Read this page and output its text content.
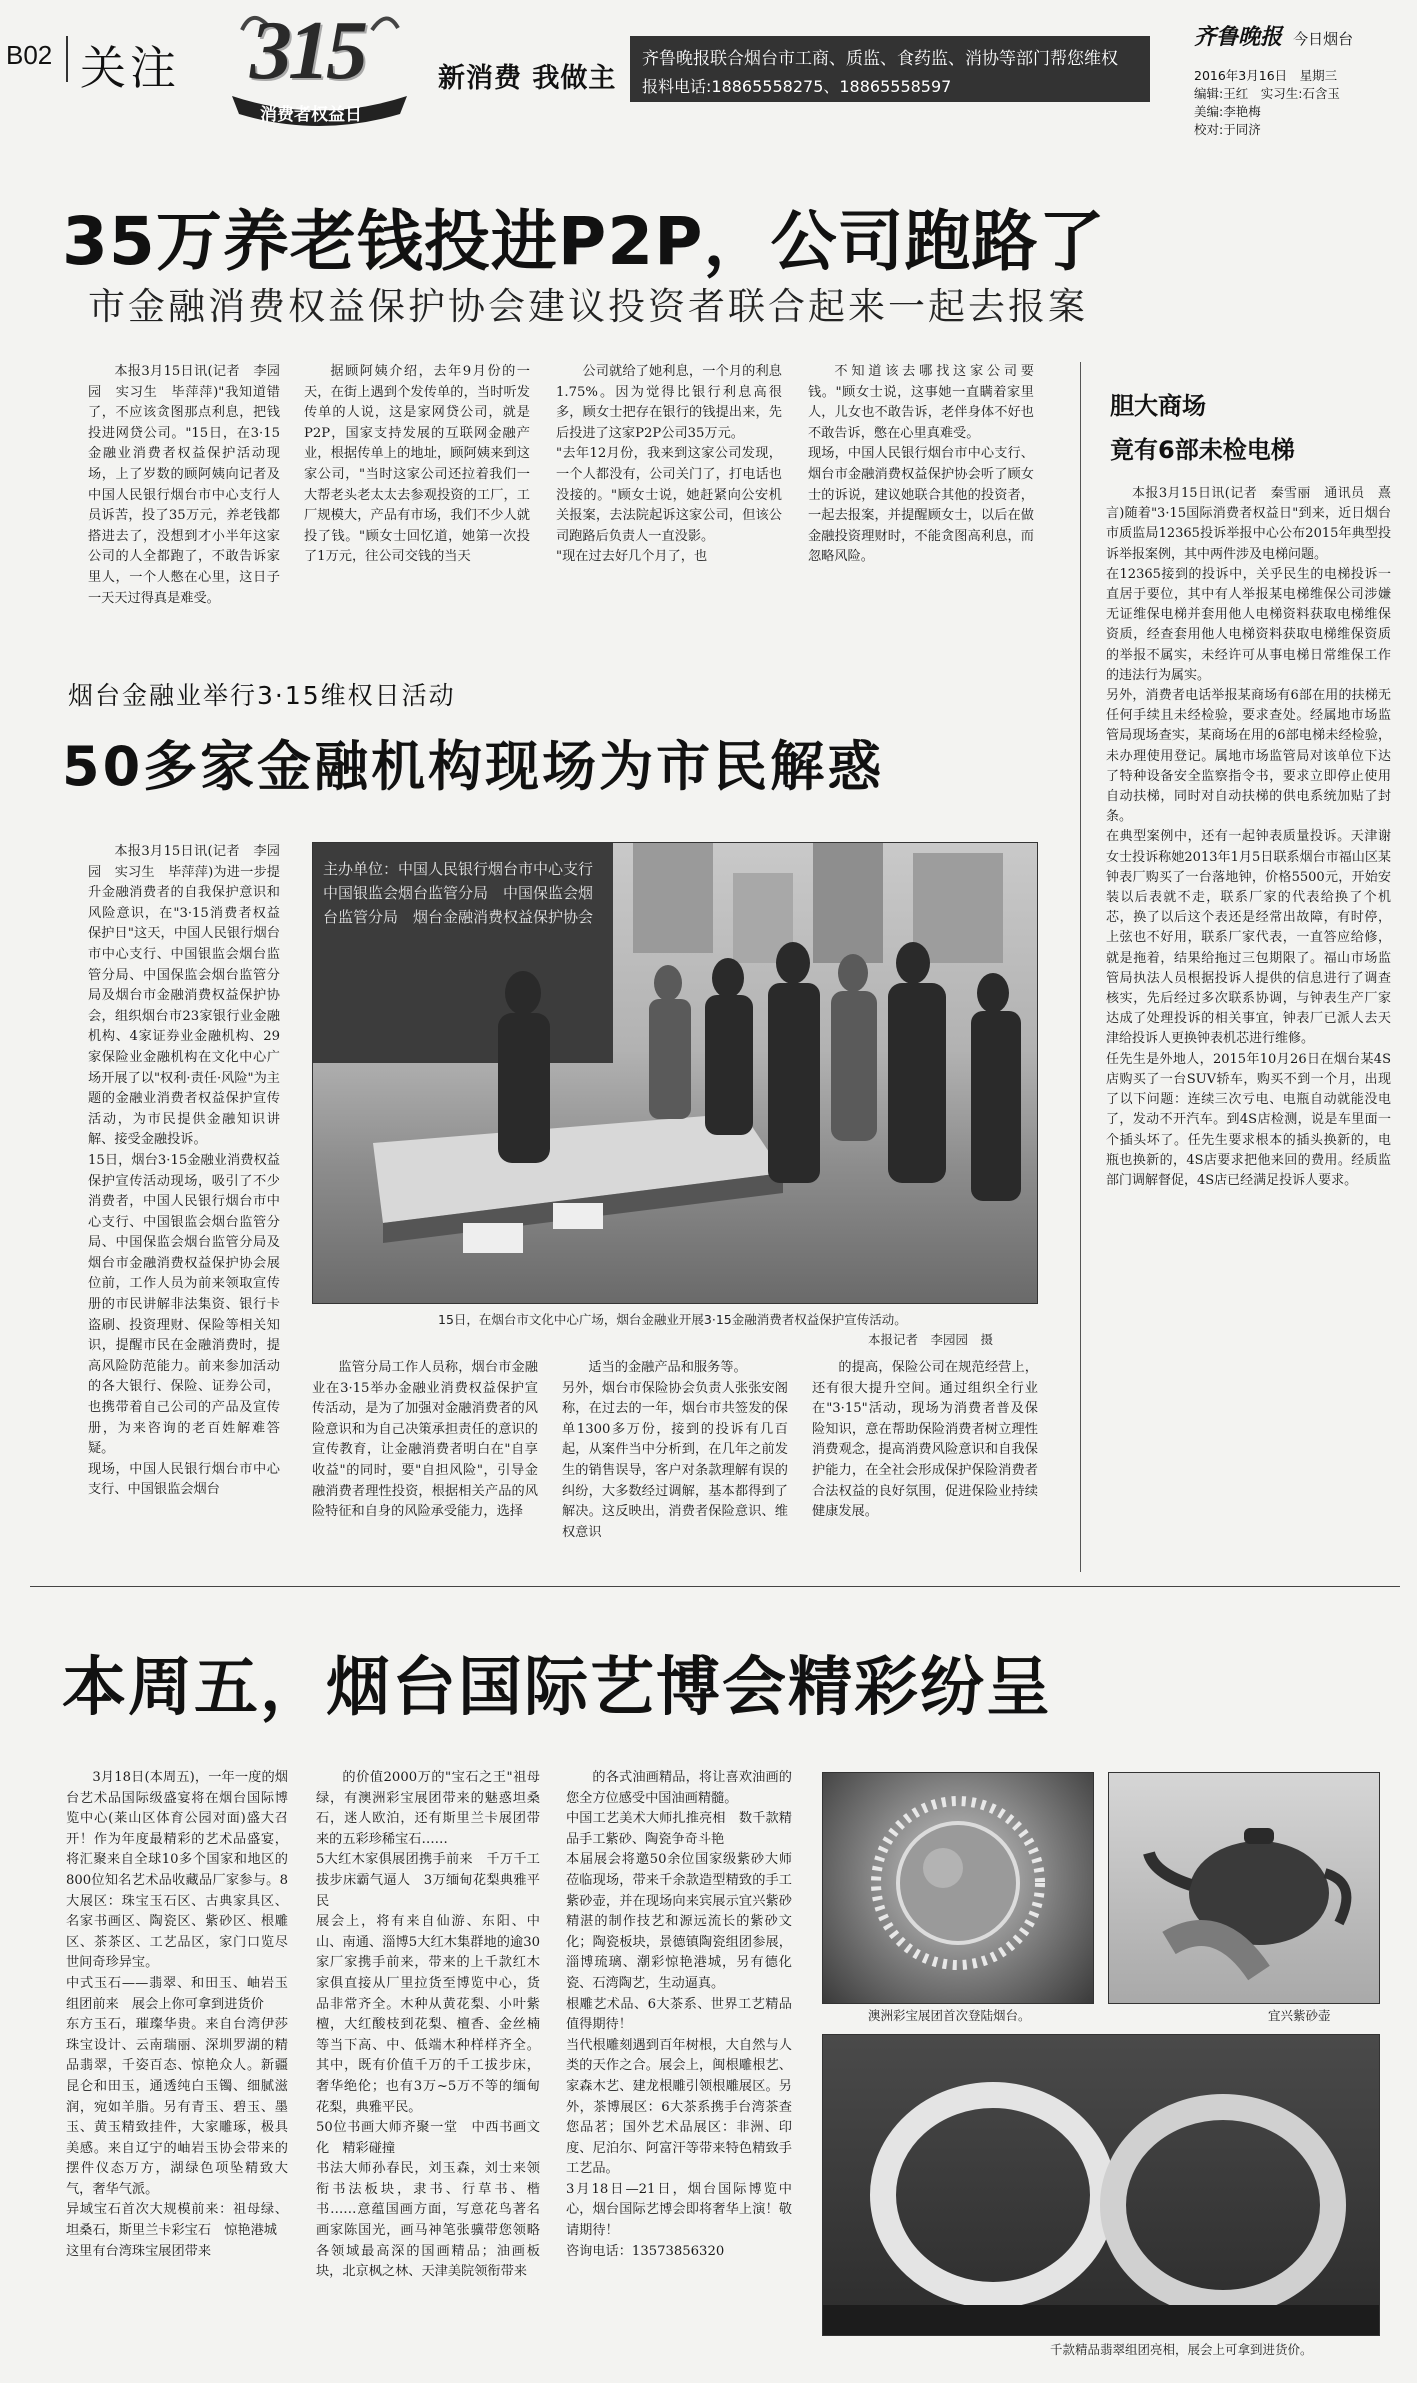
B02 关注 315
消费者权益日
新消费 我做主
齐鲁晚报联合烟台市工商、质监、食药监、消协等部门帮您维权
报料电话:18865558275、18865558597
齐鲁晚报 今日烟台
2016年3月16日　星期三
编辑:王红　实习生:石含玉
美编:李艳梅
校对:于同济
35万养老钱投进P2P，公司跑路了
市金融消费权益保护协会建议投资者联合起来一起去报案

本报3月15日讯(记者　李园园　实习生　毕萍萍)"我知道错了，不应该贪图那点利息，把钱投进网贷公司。"15日，在3·15金融业消费者权益保护活动现场，上了岁数的顾阿姨向记者及中国人民银行烟台市中心支行人员诉苦，投了35万元，养老钱都搭进去了，没想到才小半年这家公司的人全都跑了，不敢告诉家里人，一个人憋在心里，这日子一天天过得真是难受。

据顾阿姨介绍，去年9月份的一天，在街上遇到个发传单的，当时听发传单的人说，这是家网贷公司，就是P2P，国家支持发展的互联网金融产业，根据传单上的地址，顾阿姨来到这家公司，"当时这家公司还拉着我们一大帮老头老太太去参观投资的工厂，工厂规模大，产品有市场，我们不少人就投了钱。"顾女士回忆道，她第一次投了1万元，往公司交钱的当天

公司就给了她利息，一个月的利息1.75%。因为觉得比银行利息高很多，顾女士把存在银行的钱提出来，先后投进了这家P2P公司35万元。
"去年12月份，我来到这家公司发现，一个人都没有，公司关门了，打电话也没接的。"顾女士说，她赶紧向公安机关报案，去法院起诉这家公司，但该公司跑路后负责人一直没影。
"现在过去好几个月了，也

不知道该去哪找这家公司要钱。"顾女士说，这事她一直瞒着家里人，儿女也不敢告诉，老伴身体不好也不敢告诉，憋在心里真难受。
现场，中国人民银行烟台市中心支行、烟台市金融消费权益保护协会听了顾女士的诉说，建议她联合其他的投资者，一起去报案，并提醒顾女士，以后在做金融投资理财时，不能贪图高利息，而忽略风险。

胆大商场
竟有6部未检电梯

本报3月15日讯(记者　秦雪丽　通讯员　熹言)随着"3·15国际消费者权益日"到来，近日烟台市质监局12365投诉举报中心公布2015年典型投诉举报案例，其中两件涉及电梯问题。
在12365接到的投诉中，关乎民生的电梯投诉一直居于要位，其中有人举报某电梯维保公司涉嫌无证维保电梯并套用他人电梯资料获取电梯维保资质，经查套用他人电梯资料获取电梯维保资质的举报不属实，未经许可从事电梯日常维保工作的违法行为属实。
另外，消费者电话举报某商场有6部在用的扶梯无任何手续且未经检验，要求查处。经属地市场监管局现场查实，某商场在用的6部电梯未经检验，未办理使用登记。属地市场监管局对该单位下达了特种设备安全监察指令书，要求立即停止使用自动扶梯，同时对自动扶梯的供电系统加贴了封条。
在典型案例中，还有一起钟表质量投诉。天津谢女士投诉称她2013年1月5日联系烟台市福山区某钟表厂购买了一台落地钟，价格5500元，开始安装以后表就不走，联系厂家的代表给换了个机芯，换了以后这个表还是经常出故障，有时停，上弦也不好用，联系厂家代表，一直答应给修，就是拖着，结果给拖过三包期限了。福山市场监管局执法人员根据投诉人提供的信息进行了调查核实，先后经过多次联系协调，与钟表生产厂家达成了处理投诉的相关事宜，钟表厂已派人去天津给投诉人更换钟表机芯进行维修。
任先生是外地人，2015年10月26日在烟台某4S店购买了一台SUV轿车，购买不到一个月，出现了以下问题：连续三次亏电、电瓶自动就能没电了，发动不开汽车。到4S店检测，说是车里面一个插头坏了。任先生要求根本的插头换新的，电瓶也换新的，4S店要求把他来回的费用。经质监部门调解督促，4S店已经满足投诉人要求。

烟台金融业举行3·15维权日活动
50多家金融机构现场为市民解惑

本报3月15日讯(记者　李园园　实习生　毕萍萍)为进一步提升金融消费者的自我保护意识和风险意识，在"3·15消费者权益保护日"这天，中国人民银行烟台市中心支行、中国银监会烟台监管分局、中国保监会烟台监管分局及烟台市金融消费权益保护协会，组织烟台市23家银行业金融机构、4家证券业金融机构、29家保险业金融机构在文化中心广场开展了以"权利·责任·风险"为主题的金融业消费者权益保护宣传活动，为市民提供金融知识讲解、接受金融投诉。
15日，烟台3·15金融业消费权益保护宣传活动现场，吸引了不少消费者，中国人民银行烟台市中心支行、中国银监会烟台监管分局、中国保监会烟台监管分局及烟台市金融消费权益保护协会展位前，工作人员为前来领取宣传册的市民讲解非法集资、银行卡盗刷、投资理财、保险等相关知识，提醒市民在金融消费时，提高风险防范能力。前来参加活动的各大银行、保险、证券公司，也携带着自己公司的产品及宣传册，为来咨询的老百姓解难答疑。
现场，中国人民银行烟台市中心支行、中国银监会烟台

主办单位：中国人民银行烟台市中心支行　中国银监会烟台监管分局　中国保监会烟台监管分局　烟台金融消费权益保护协会
15日，在烟台市文化中心广场，烟台金融业开展3·15金融消费者权益保护宣传活动。
本报记者　李园园　摄

监管分局工作人员称，烟台市金融业在3·15举办金融业消费权益保护宣传活动，是为了加强对金融消费者的风险意识和为自己决策承担责任的意识的宣传教育，让金融消费者明白在"自享收益"的同时，要"自担风险"，引导金融消费者理性投资，根据相关产品的风险特征和自身的风险承受能力，选择

适当的金融产品和服务等。
另外，烟台市保险协会负责人张张安阁称，在过去的一年，烟台市共签发的保单1300多万份，接到的投诉有几百起，从案件当中分析到，在几年之前发生的销售误导，客户对条款理解有误的纠纷，大多数经过调解，基本都得到了解决。这反映出，消费者保险意识、维权意识

的提高，保险公司在规范经营上，还有很大提升空间。通过组织全行业在"3·15"活动，现场为消费者普及保险知识，意在帮助保险消费者树立理性消费观念，提高消费风险意识和自我保护能力，在全社会形成保护保险消费者合法权益的良好氛围，促进保险业持续健康发展。

本周五，烟台国际艺博会精彩纷呈

3月18日(本周五)，一年一度的烟台艺术品国际级盛宴将在烟台国际博览中心(莱山区体育公园对面)盛大召开！作为年度最精彩的艺术品盛宴，将汇聚来自全球10多个国家和地区的800位知名艺术品收藏品厂家参与。8大展区：珠宝玉石区、古典家具区、名家书画区、陶瓷区、紫砂区、根雕区、茶茶区、工艺品区，家门口览尽世间奇珍异宝。
中式玉石——翡翠、和田玉、岫岩玉　组团前来　展会上你可拿到进货价
东方玉石，璀璨华贵。来自台湾伊莎珠宝设计、云南瑞丽、深圳罗湖的精品翡翠，千姿百态、惊艳众人。新疆昆仑和田玉，通透纯白玉镯、细腻滋润，宛如羊脂。另有青玉、碧玉、墨玉、黄玉精致挂件，大家雕琢，极具美感。来自辽宁的岫岩玉协会带来的摆件仪态万方，湖绿色项坠精致大气，奢华气派。
异域宝石首次大规模前来：祖母绿、坦桑石，斯里兰卡彩宝石　惊艳港城
这里有台湾珠宝展团带来

的价值2000万的"宝石之王"祖母绿，有澳洲彩宝展团带来的魅惑坦桑石，迷人欧泊，还有斯里兰卡展团带来的五彩珍稀宝石……
5大红木家俱展团携手前来　千万千工拔步床霸气逼人　3万缅甸花梨典雅平民
展会上，将有来自仙游、东阳、中山、南通、淄博5大红木集群地的逾30家厂家携手前来，带来的上千款红木家俱直接从厂里拉货至博览中心，货品非常齐全。木种从黄花梨、小叶紫檀，大红酸枝到花梨、檀香、金丝楠等当下高、中、低端木种样样齐全。其中，既有价值千万的千工拔步床，奢华绝伦；也有3万~5万不等的缅甸花梨，典雅平民。
50位书画大师齐聚一堂　中西书画文化　精彩碰撞
书法大师孙春民，刘玉森，刘士来领衔书法板块，隶书、行草书、楷书……意蕴国画方面，写意花鸟著名画家陈国光，画马神笔张骥带您领略各领域最高深的国画精品；油画板块，北京枫之林、天津美院领衔带来

的各式油画精品，将让喜欢油画的您全方位感受中国油画精髓。
中国工艺美术大师扎推亮相　数千款精品手工紫砂、陶瓷争奇斗艳
本届展会将邀50余位国家级紫砂大师莅临现场，带来千余款造型精致的手工紫砂壶，并在现场向来宾展示宜兴紫砂精湛的制作技艺和源远流长的紫砂文化；陶瓷板块，景德镇陶瓷组团参展，淄博琉璃、潮彩惊艳港城，另有德化瓷、石湾陶艺，生动逼真。
根雕艺术品、6大茶系、世界工艺精品　值得期待！
当代根雕刻遇到百年树根，大自然与人类的天作之合。展会上，闽根雕根艺、家森木艺、建龙根雕引领根雕展区。另外，茶博展区：6大茶系携手台湾茶查您品茗；国外艺术品展区：非洲、印度、尼泊尔、阿富汗等带来特色精致手工艺品。
3月18日—21日，烟台国际博览中心，烟台国际艺博会即将奢华上演！敬请期待！
咨询电话：13573856320

澳洲彩宝展团首次登陆烟台。	宜兴紫砂壶
千款精品翡翠组团亮相，展会上可拿到进货价。
